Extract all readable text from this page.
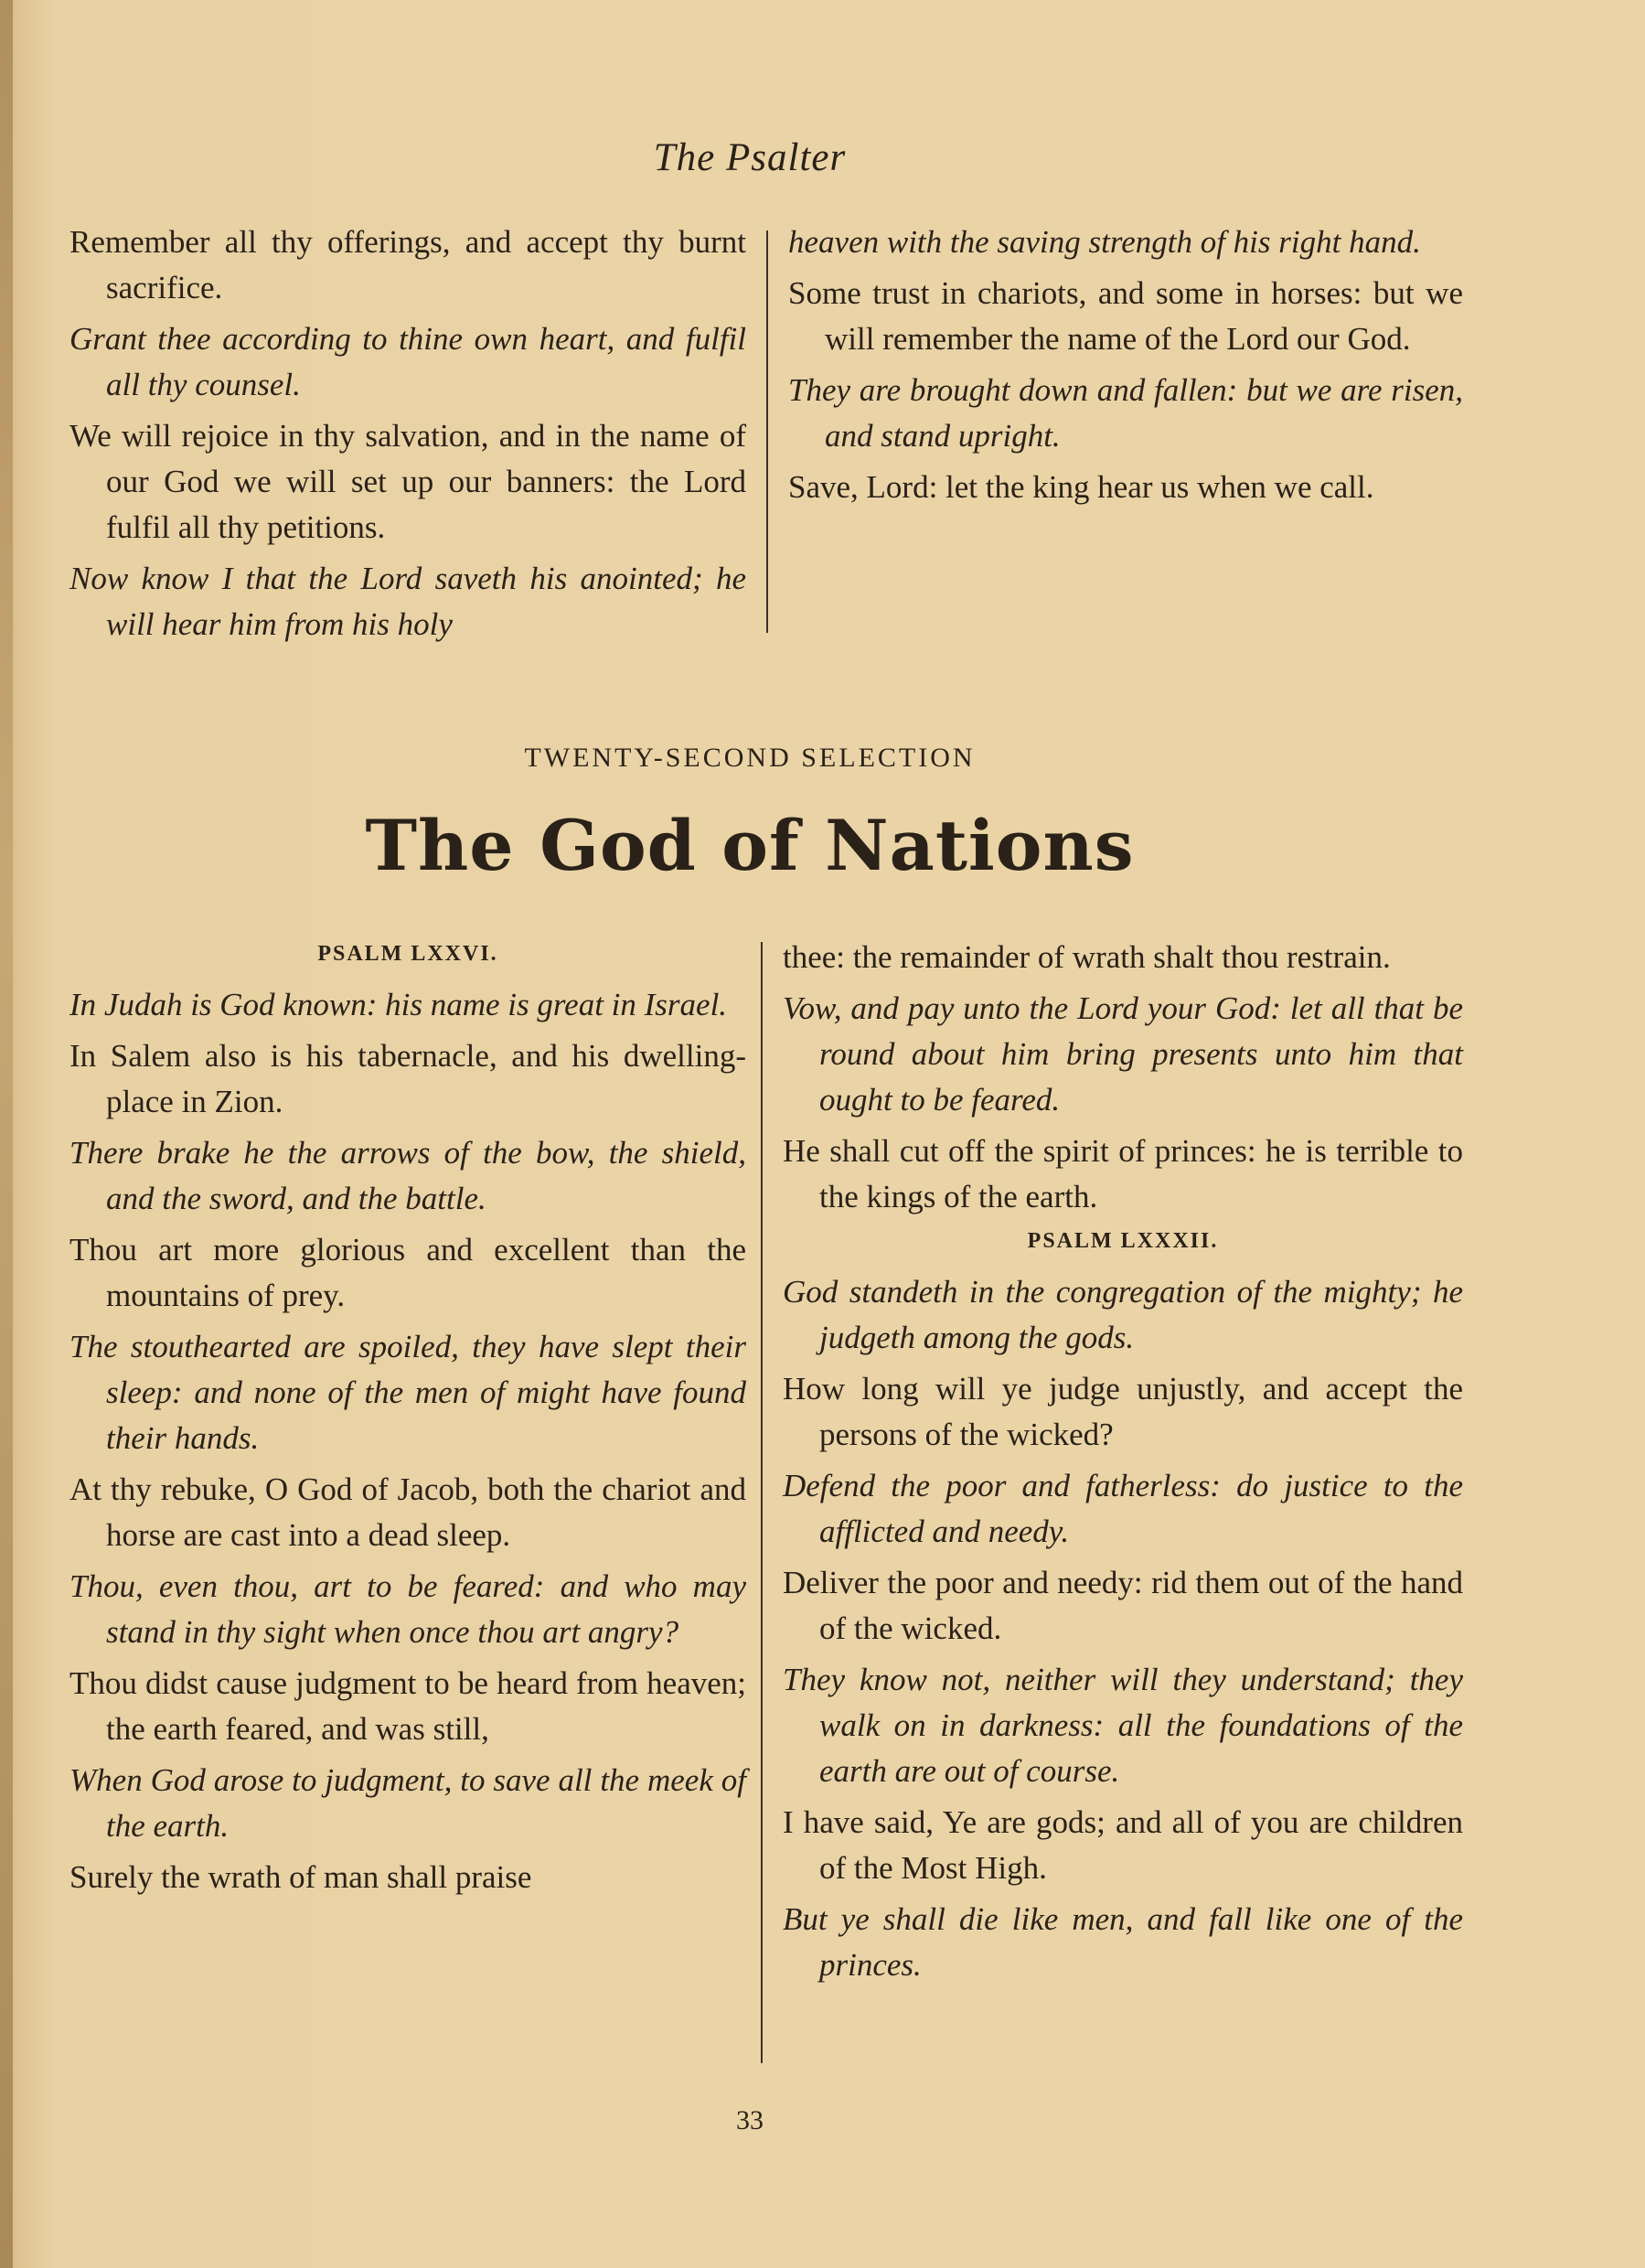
The Psalter

Remember all thy offerings, and accept thy burnt sacrifice.

Grant thee according to thine own heart, and fulfil all thy counsel.

We will rejoice in thy salvation, and in the name of our God we will set up our banners: the Lord fulfil all thy petitions.

Now know I that the Lord saveth his anointed; he will hear him from his holy

heaven with the saving strength of his right hand.

Some trust in chariots, and some in horses: but we will remember the name of the Lord our God.

They are brought down and fallen: but we are risen, and stand upright.

Save, Lord: let the king hear us when we call.

TWENTY-SECOND SELECTION
The God of Nations
PSALM LXXVI.

In Judah is God known: his name is great in Israel.

In Salem also is his tabernacle, and his dwelling-place in Zion.

There brake he the arrows of the bow, the shield, and the sword, and the battle.

Thou art more glorious and excellent than the mountains of prey.

The stouthearted are spoiled, they have slept their sleep: and none of the men of might have found their hands.

At thy rebuke, O God of Jacob, both the chariot and horse are cast into a dead sleep.

Thou, even thou, art to be feared: and who may stand in thy sight when once thou art angry?

Thou didst cause judgment to be heard from heaven; the earth feared, and was still,

When God arose to judgment, to save all the meek of the earth.

Surely the wrath of man shall praise

thee: the remainder of wrath shalt thou restrain.

Vow, and pay unto the Lord your God: let all that be round about him bring presents unto him that ought to be feared.

He shall cut off the spirit of princes: he is terrible to the kings of the earth.

PSALM LXXXII.

God standeth in the congregation of the mighty; he judgeth among the gods.

How long will ye judge unjustly, and accept the persons of the wicked?

Defend the poor and fatherless: do justice to the afflicted and needy.

Deliver the poor and needy: rid them out of the hand of the wicked.

They know not, neither will they understand; they walk on in darkness: all the foundations of the earth are out of course.

I have said, Ye are gods; and all of you are children of the Most High.

But ye shall die like men, and fall like one of the princes.

33
